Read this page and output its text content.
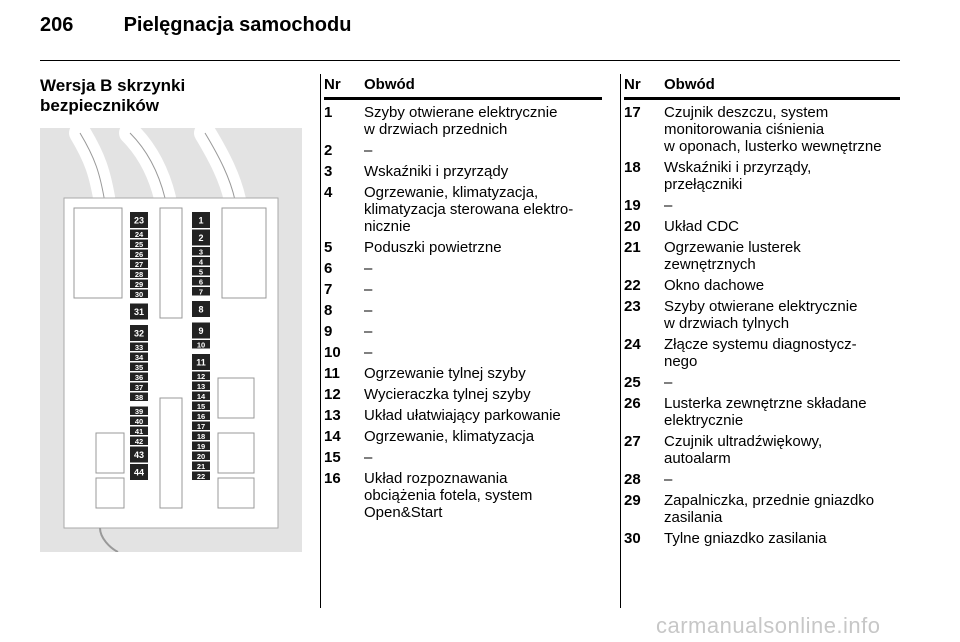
206	Pielęgnacja samochodu
Wersja B skrzynki bezpieczników
23
24
25
26
27
28
29
30
31
32
33
34
35
36
37
38
39
40
41
42
43
44
1
2
3
4
5
6
7
8
9
10
11
12
13
14
15
16
17
18
19
20
21
22
Nr Obwód
1	Szyby otwierane elektrycznie
w drzwiach przednich
2	–
3	Wskaźniki i przyrządy
4	Ogrzewanie, klimatyzacja,
klimatyzacja sterowana elektro-
nicznie
5	Poduszki powietrzne
6	–
7	–
8	–
9	–
10	–
11	Ogrzewanie tylnej szyby
12	Wycieraczka tylnej szyby
13	Układ ułatwiający parkowanie
14	Ogrzewanie, klimatyzacja
15	–
16	Układ rozpoznawania
obciążenia fotela, system
Open&Start
Nr Obwód
17	Czujnik deszczu, system
monitorowania ciśnienia
w oponach, lusterko wewnętrzne
18	Wskaźniki i przyrządy,
przełączniki
19	–
20	Układ CDC
21	Ogrzewanie lusterek
zewnętrznych
22	Okno dachowe
23	Szyby otwierane elektrycznie
w drzwiach tylnych
24	Złącze systemu diagnostycz-
nego
25	–
26	Lusterka zewnętrzne składane
elektrycznie
27	Czujnik ultradźwiękowy,
autoalarm
28	–
29	Zapalniczka, przednie gniazdko
zasilania
30	Tylne gniazdko zasilania
carmanualsonline.info
